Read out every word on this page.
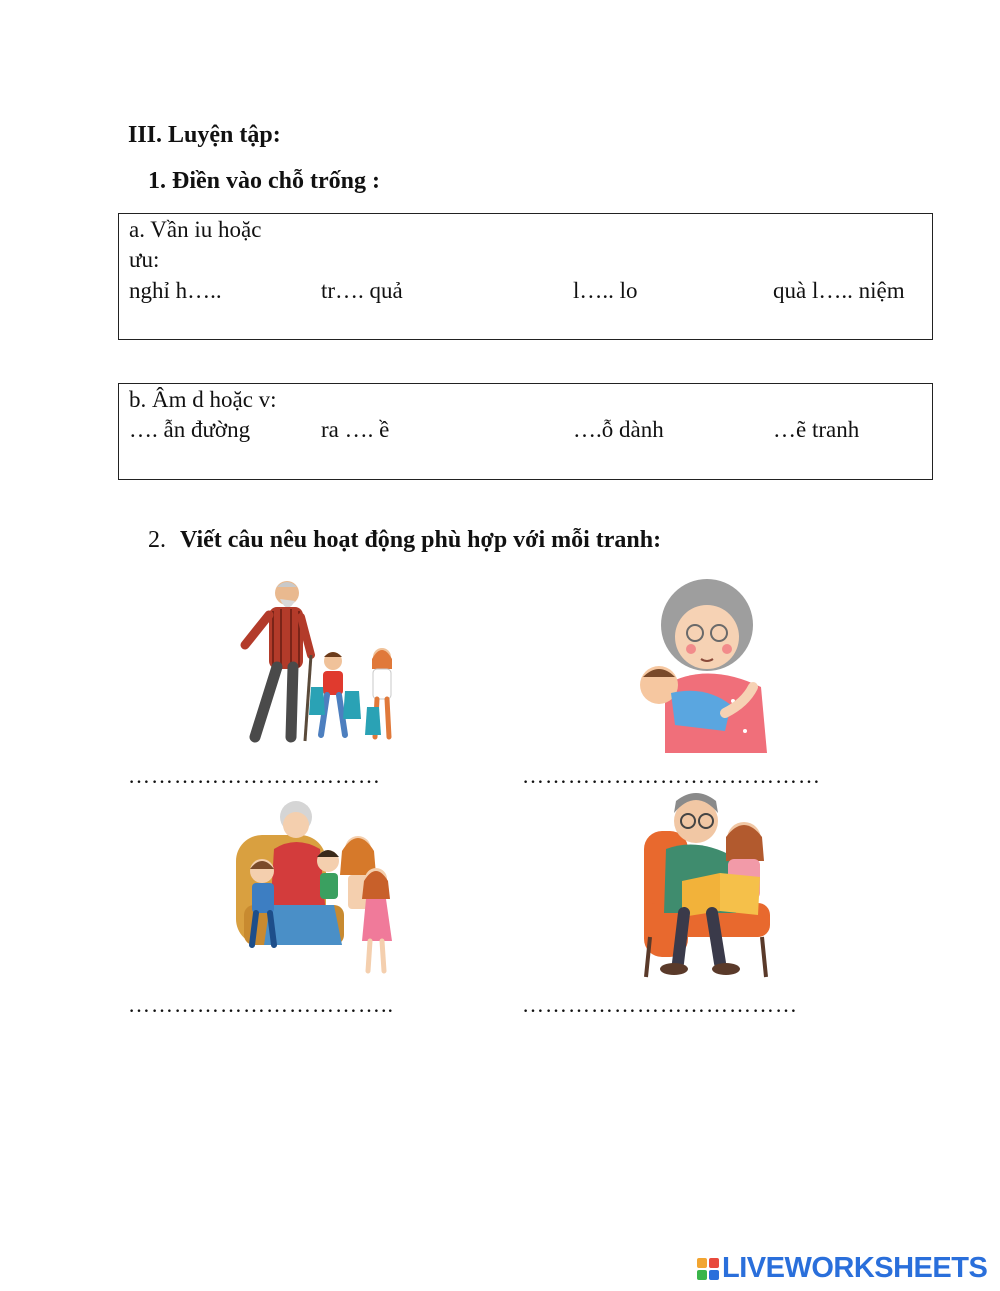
III. Luyện tập:
1. Điền vào chỗ trống :
a. Vần iu hoặc
ưu:
nghỉ h…..	tr…. quả	l….. lo	quà l….. niệm
b. Âm d hoặc v:
…. ẫn đường	ra …. ề	….ỗ dành	…ẽ tranh
2. Viết câu nêu hoạt động phù hợp với mỗi tranh:
……………………………	…………………………………
……………………………..	………………………………
LIVEWORKSHEETS
